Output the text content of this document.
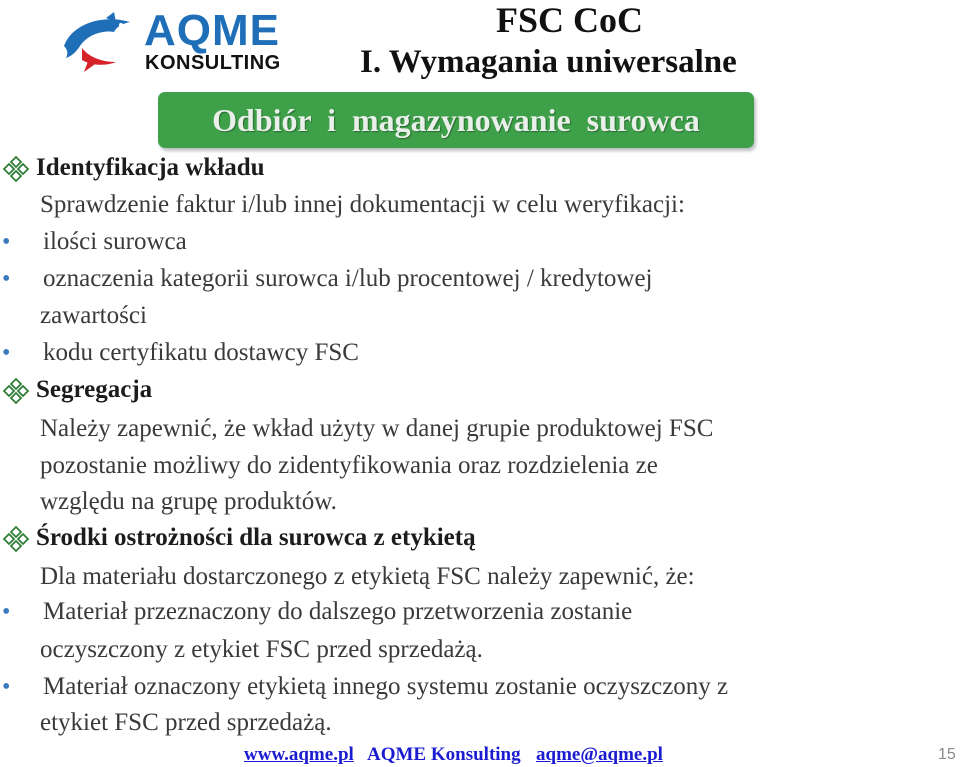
AQME
KONSULTING
FSC CoC
I. Wymagania uniwersalne
Odbiór i magazynowanie surowca
Identyfikacja wkładu
Sprawdzenie faktur i/lub innej dokumentacji w celu weryfikacji:
• ilości surowca
• oznaczenia kategorii surowca i/lub procentowej / kredytowej
zawartości
• kodu certyfikatu dostawcy FSC
Segregacja
Należy zapewnić, że wkład użyty w danej grupie produktowej FSC
pozostanie możliwy do zidentyfikowania oraz rozdzielenia ze
względu na grupę produktów.
Środki ostrożności dla surowca z etykietą
Dla materiału dostarczonego z etykietą FSC należy zapewnić, że:
• Materiał przeznaczony do dalszego przetworzenia zostanie
oczyszczony z etykiet FSC przed sprzedażą.
• Materiał oznaczony etykietą innego systemu zostanie oczyszczony z
etykiet FSC przed sprzedażą.
www.aqme.pl AQME Konsulting aqme@aqme.pl	15
